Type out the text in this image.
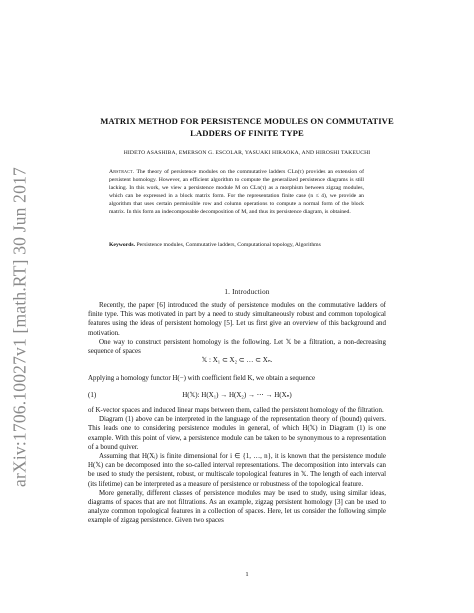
arXiv:1706.10027v1 [math.RT] 30 Jun 2017
MATRIX METHOD FOR PERSISTENCE MODULES ON COMMUTATIVE
LADDERS OF FINITE TYPE
HIDETO ASASHIBA, EMERSON G. ESCOLAR, YASUAKI HIRAOKA, AND HIROSHI TAKEUCHI
Abstract. The theory of persistence modules on the commutative ladders CLn(τ) provides an extension of persistent homology. However, an efficient algorithm to compute the generalized persistence diagrams is still lacking. In this work, we view a persistence module M on CLn(τ) as a morphism between zigzag modules, which can be expressed in a block matrix form. For the representation finite case (n ≤ 4), we provide an algorithm that uses certain permissible row and column operations to compute a normal form of the block matrix. In this form an indecomposable decomposition of M, and thus its persistence diagram, is obtained.
Keywords. Persistence modules, Commutative ladders, Computational topology, Algorithms
1. Introduction

Recently, the paper [6] introduced the study of persistence modules on the commutative ladders of finite type. This was motivated in part by a need to study simultaneously robust and common topological features using the ideas of persistent homology [5]. Let us first give an overview of this background and motivation.

One way to construct persistent homology is the following. Let 𝕏 be a filtration, a non-decreasing sequence of spaces

𝕏 : X₁ ⊂ X₂ ⊂ … ⊂ Xₙ.

Applying a homology functor H(−) with coefficient field K, we obtain a sequence

(1)	H(𝕏): H(X₁) → H(X₂) → ⋯ → H(Xₙ)

of K-vector spaces and induced linear maps between them, called the persistent homology of the filtration.

Diagram (1) above can be interpreted in the language of the representation theory of (bound) quivers. This leads one to considering persistence modules in general, of which H(𝕏) in Diagram (1) is one example. With this point of view, a persistence module can be taken to be synonymous to a representation of a bound quiver.

Assuming that H(Xᵢ) is finite dimensional for i ∈ {1, …, n}, it is known that the persistence module H(𝕏) can be decomposed into the so-called interval representations. The decomposition into intervals can be used to study the persistent, robust, or multiscale topological features in 𝕏. The length of each interval (its lifetime) can be interpreted as a measure of persistence or robustness of the topological feature.

More generally, different classes of persistence modules may be used to study, using similar ideas, diagrams of spaces that are not filtrations. As an example, zigzag persistent homology [3] can be used to analyze common topological features in a collection of spaces. Here, let us consider the following simple example of zigzag persistence. Given two spaces

1
